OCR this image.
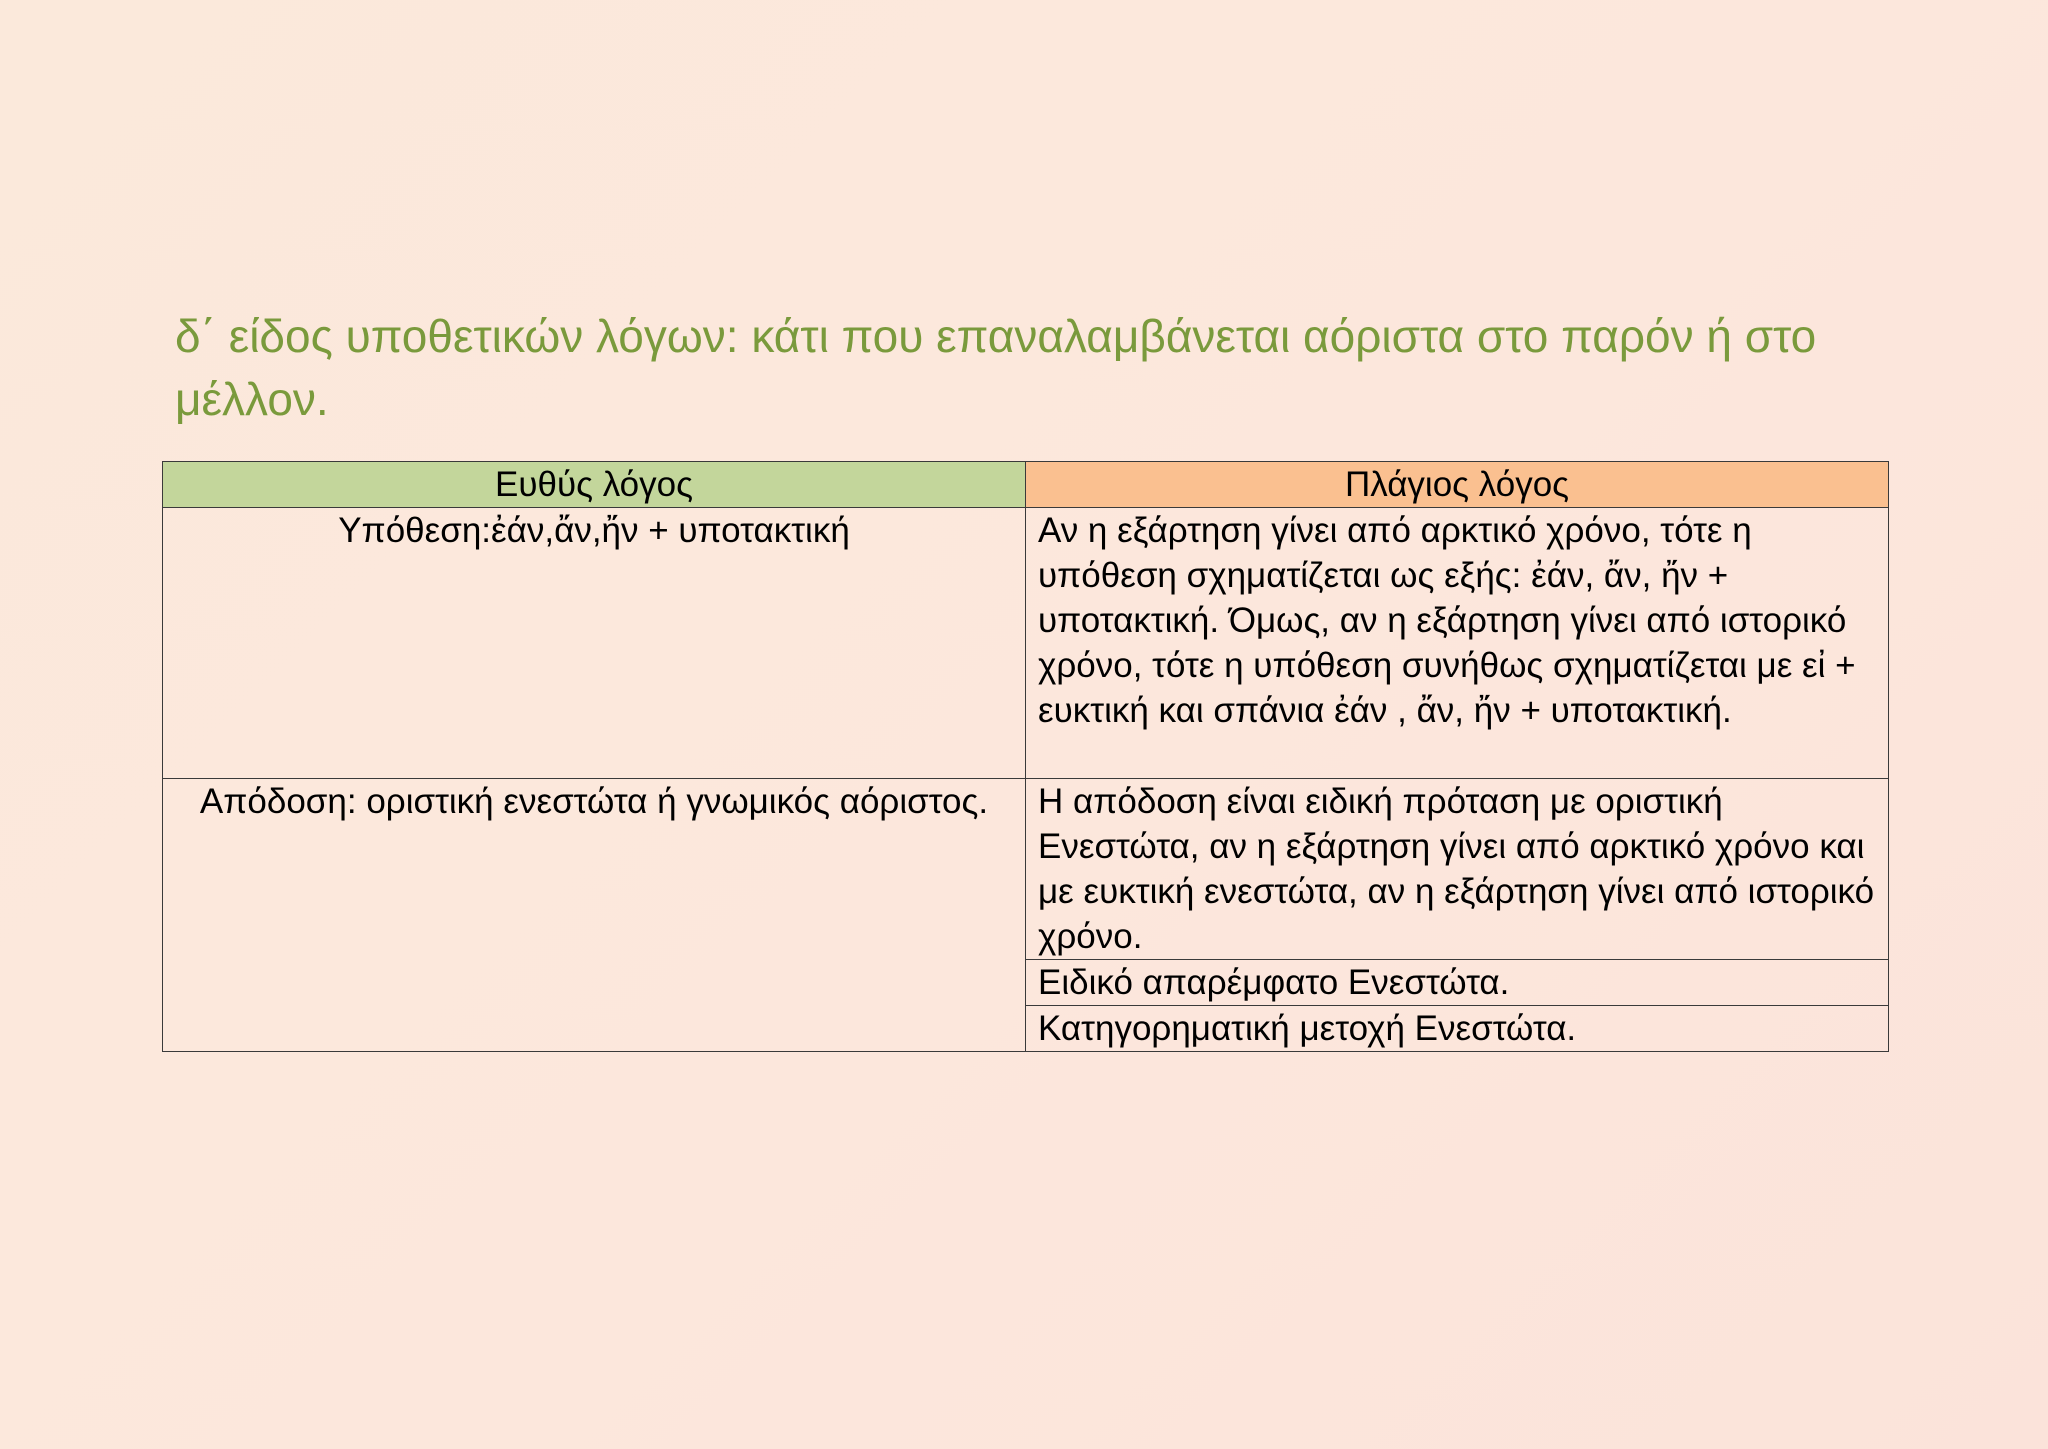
δ΄ είδος υποθετικών λόγων: κάτι που επαναλαμβάνεται αόριστα στο παρόν ή στο μέλλον.
Ευθύς λόγος	Πλάγιος λόγος
Υπόθεση:ἐάν,ἄν,ἤν + υποτακτική	Αν η εξάρτηση γίνει από αρκτικό χρόνο, τότε η υπόθεση σχηματίζεται ως εξής: ἐάν, ἄν, ἤν + υποτακτική. Όμως, αν η εξάρτηση γίνει από ιστορικό χρόνο, τότε η υπόθεση συνήθως σχηματίζεται με εἰ + ευκτική και σπάνια ἐάν , ἄν, ἤν + υποτακτική.
Απόδοση: οριστική ενεστώτα ή γνωμικός αόριστος.	Η απόδοση είναι ειδική πρόταση με οριστική Ενεστώτα, αν η εξάρτηση γίνει από αρκτικό χρόνο και με ευκτική ενεστώτα, αν η εξάρτηση γίνει από ιστορικό χρόνο.
	Ειδικό απαρέμφατο Ενεστώτα.
	Κατηγορηματική μετοχή Ενεστώτα.
